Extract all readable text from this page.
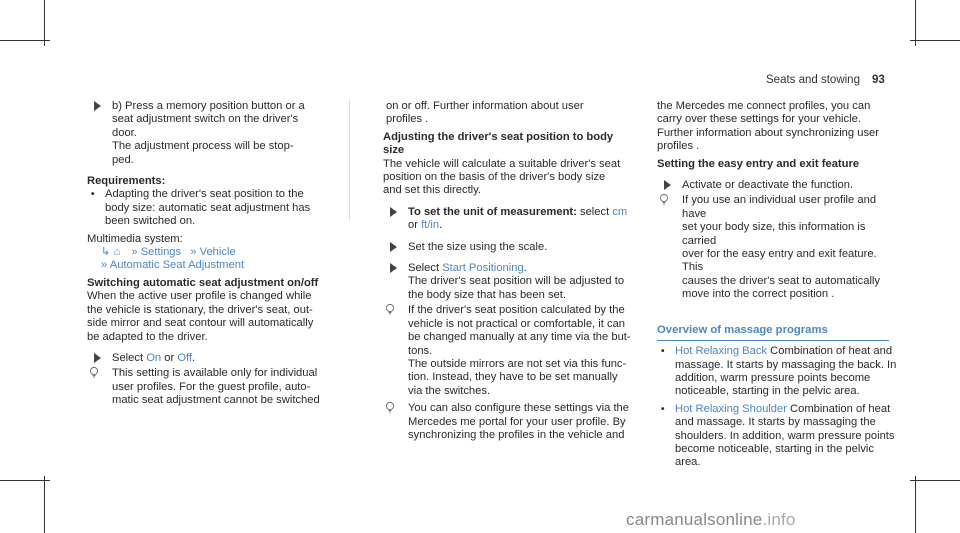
Seats and stowing 93

b) Press a memory position button or a

seat adjustment switch on the driver's

door.

The adjustment process will be stop-

ped.

Requirements:

• Adapting the driver's seat position to the

body size: automatic seat adjustment has

been switched on.

Multimedia system:

↳ ⌂ » Settings » Vehicle

» Automatic Seat Adjustment

Switching automatic seat adjustment on/off

When the active user profile is changed while

the vehicle is stationary, the driver's seat, out-

side mirror and seat contour will automatically

be adapted to the driver.

Select On or Off.

This setting is available only for individual

user profiles. For the guest profile, auto-

matic seat adjustment cannot be switched

on or off. Further information about user

profiles .

Adjusting the driver's seat position to body

size

The vehicle will calculate a suitable driver's seat

position on the basis of the driver's body size

and set this directly.

To set the unit of measurement: select cm

or ft/in.

Set the size using the scale.

Select Start Positioning.

The driver's seat position will be adjusted to

the body size that has been set.

If the driver's seat position calculated by the

vehicle is not practical or comfortable, it can

be changed manually at any time via the but-

tons.

The outside mirrors are not set via this func-

tion. Instead, they have to be set manually

via the switches.

You can also configure these settings via the

Mercedes me portal for your user profile. By

synchronizing the profiles in the vehicle and

the Mercedes me connect profiles, you can

carry over these settings for your vehicle.

Further information about synchronizing user

profiles .

Setting the easy entry and exit feature

Activate or deactivate the function.

If you use an individual user profile and have

set your body size, this information is carried

over for the easy entry and exit feature. This

causes the driver's seat to automatically

move into the correct position .

Overview of massage programs
• Hot Relaxing Back Combination of heat and

massage. It starts by massaging the back. In

addition, warm pressure points become

noticeable, starting in the pelvic area.

• Hot Relaxing Shoulder Combination of heat

and massage. It starts by massaging the

shoulders. In addition, warm pressure points

become noticeable, starting in the pelvic

area.

carmanualsonline.info
